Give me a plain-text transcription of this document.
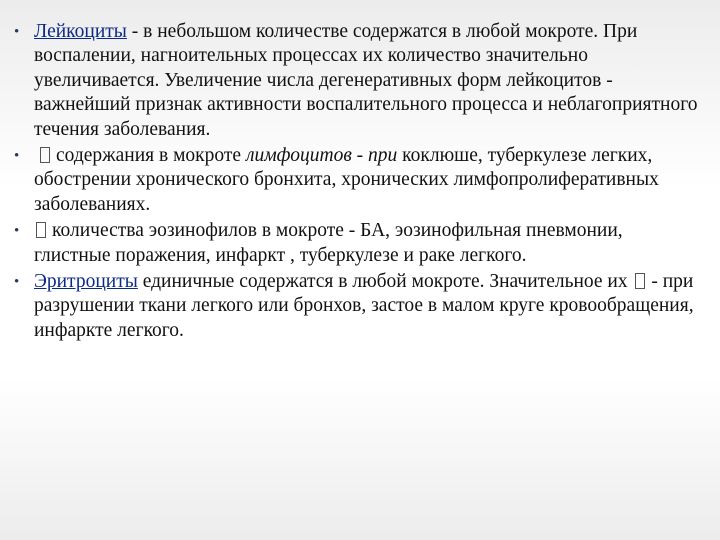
• Лейкоциты - в небольшом количестве содержатся в любой мокроте. При воспалении, нагноительных процессах их количество значительно увеличивается. Увеличение числа дегенеративных форм лейкоцитов - важнейший признак активности воспалительного процесса и неблагоприятного течения заболевания.
• содержания в мокроте лимфоцитов - при коклюше, туберкулезе легких, обострении хронического бронхита, хронических лимфопролиферативных заболеваниях.
• количества эозинофилов в мокроте - БА, эозинофильная пневмонии, глистные поражения, инфаркт , туберкулезе и раке легкого.
• Эритроциты единичные содержатся в любой мокроте. Значительное их  - при разрушении ткани легкого или бронхов, застое в малом круге кровообращения, инфаркте легкого.
